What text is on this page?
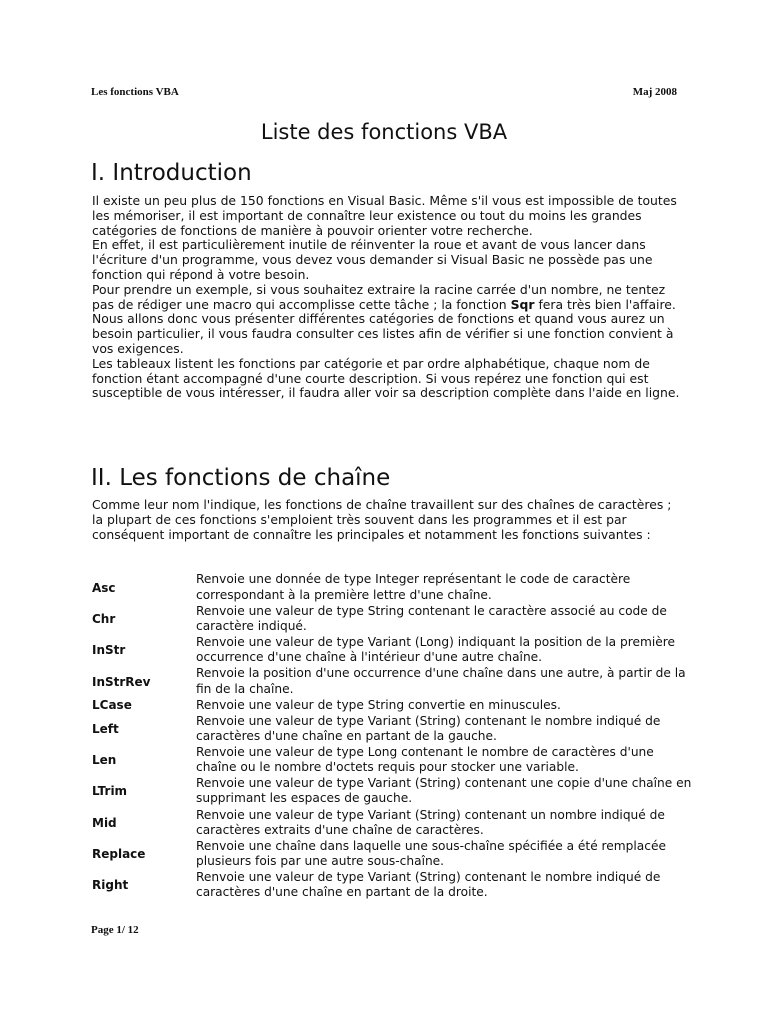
Les fonctions VBA	Maj 2008
Liste des fonctions VBA
I. Introduction

Il existe un peu plus de 150 fonctions en Visual Basic. Même s'il vous est impossible de toutes les mémoriser, il est important de connaître leur existence ou tout du moins les grandes catégories de fonctions de manière à pouvoir orienter votre recherche.

En effet, il est particulièrement inutile de réinventer la roue et avant de vous lancer dans l'écriture d'un programme, vous devez vous demander si Visual Basic ne possède pas une fonction qui répond à votre besoin.

Pour prendre un exemple, si vous souhaitez extraire la racine carrée d'un nombre, ne tentez pas de rédiger une macro qui accomplisse cette tâche ; la fonction Sqr fera très bien l'affaire. Nous allons donc vous présenter différentes catégories de fonctions et quand vous aurez un besoin particulier, il vous faudra consulter ces listes afin de vérifier si une fonction convient à vos exigences.

Les tableaux listent les fonctions par catégorie et par ordre alphabétique, chaque nom de fonction étant accompagné d'une courte description. Si vous repérez une fonction qui est susceptible de vous intéresser, il faudra aller voir sa description complète dans l'aide en ligne.

II. Les fonctions de chaîne

Comme leur nom l'indique, les fonctions de chaîne travaillent sur des chaînes de caractères ; la plupart de ces fonctions s'emploient très souvent dans les programmes et il est par conséquent important de connaître les principales et notamment les fonctions suivantes :

Asc
Renvoie une donnée de type Integer représentant le code de caractère correspondant à la première lettre d'une chaîne.
Chr
Renvoie une valeur de type String contenant le caractère associé au code de caractère indiqué.
InStr
Renvoie une valeur de type Variant (Long) indiquant la position de la première occurrence d'une chaîne à l'intérieur d'une autre chaîne.
InStrRev
Renvoie la position d'une occurrence d'une chaîne dans une autre, à partir de la fin de la chaîne.
LCase	Renvoie une valeur de type String convertie en minuscules.
Left
Renvoie une valeur de type Variant (String) contenant le nombre indiqué de caractères d'une chaîne en partant de la gauche.
Len
Renvoie une valeur de type Long contenant le nombre de caractères d'une chaîne ou le nombre d'octets requis pour stocker une variable.
LTrim
Renvoie une valeur de type Variant (String) contenant une copie d'une chaîne en supprimant les espaces de gauche.
Mid
Renvoie une valeur de type Variant (String) contenant un nombre indiqué de caractères extraits d'une chaîne de caractères.
Replace
Renvoie une chaîne dans laquelle une sous-chaîne spécifiée a été remplacée plusieurs fois par une autre sous-chaîne.
Right
Renvoie une valeur de type Variant (String) contenant le nombre indiqué de caractères d'une chaîne en partant de la droite.
Page 1/ 12
